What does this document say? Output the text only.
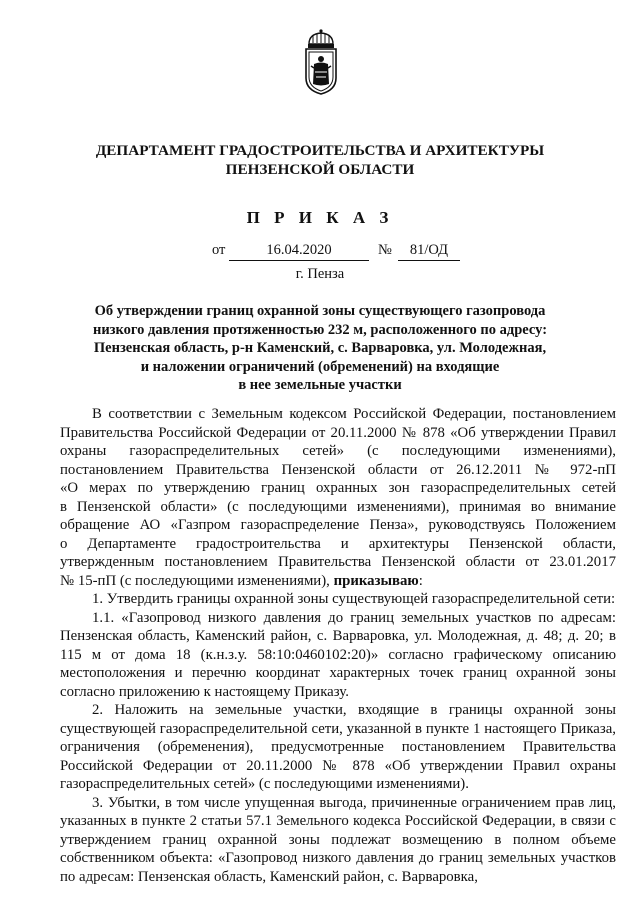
ДЕПАРТАМЕНТ ГРАДОСТРОИТЕЛЬСТВА И АРХИТЕКТУРЫ
ПЕНЗЕНСКОЙ ОБЛАСТИ
П Р И К А З
от	16.04.2020	№	81/ОД
г. Пенза
Об утверждении границ охранной зоны существующего газопровода
низкого давления протяженностью 232 м, расположенного по адресу:
Пензенская область, р-н Каменский, с. Варваровка, ул. Молодежная,
и наложении ограничений (обременений) на входящие
в нее земельные участки
В соответствии с Земельным кодексом Российской Федерации, постановлением
Правительства Российской Федерации от 20.11.2000 № 878 «Об утверждении Правил
охраны газораспределительных сетей» (с последующими изменениями),
постановлением Правительства Пензенской области от 26.12.2011 № 972-пП
«О мерах по утверждению границ охранных зон газораспределительных сетей
в Пензенской области» (с последующими изменениями), принимая во внимание
обращение АО «Газпром газораспределение Пенза», руководствуясь Положением
о Департаменте градостроительства и архитектуры Пензенской области,
утвержденным постановлением Правительства Пензенской области от 23.01.2017
№ 15-пП (с последующими изменениями), приказываю:

1. Утвердить границы охранной зоны существующей газораспределительной сети:

1.1. «Газопровод низкого давления до границ земельных участков по адресам: Пензенская область, Каменский район, с. Варваровка, ул. Молодежная, д. 48; д. 20; в 115 м от дома 18 (к.н.з.у. 58:10:0460102:20)» согласно графическому описанию местоположения и перечню координат характерных точек границ охранной зоны согласно приложению к настоящему Приказу.

2. Наложить на земельные участки, входящие в границы охранной зоны существующей газораспределительной сети, указанной в пункте 1 настоящего Приказа, ограничения (обременения), предусмотренные постановлением Правительства Российской Федерации от 20.11.2000 № 878 «Об утверждении Правил охраны газораспределительных сетей» (с последующими изменениями).

3. Убытки, в том числе упущенная выгода, причиненные ограничением прав лиц, указанных в пункте 2 статьи 57.1 Земельного кодекса Российской Федерации, в связи с утверждением границ охранной зоны подлежат возмещению в полном объеме собственником объекта: «Газопровод низкого давления до границ земельных участков по адресам: Пензенская область, Каменский район, с. Варваровка,
